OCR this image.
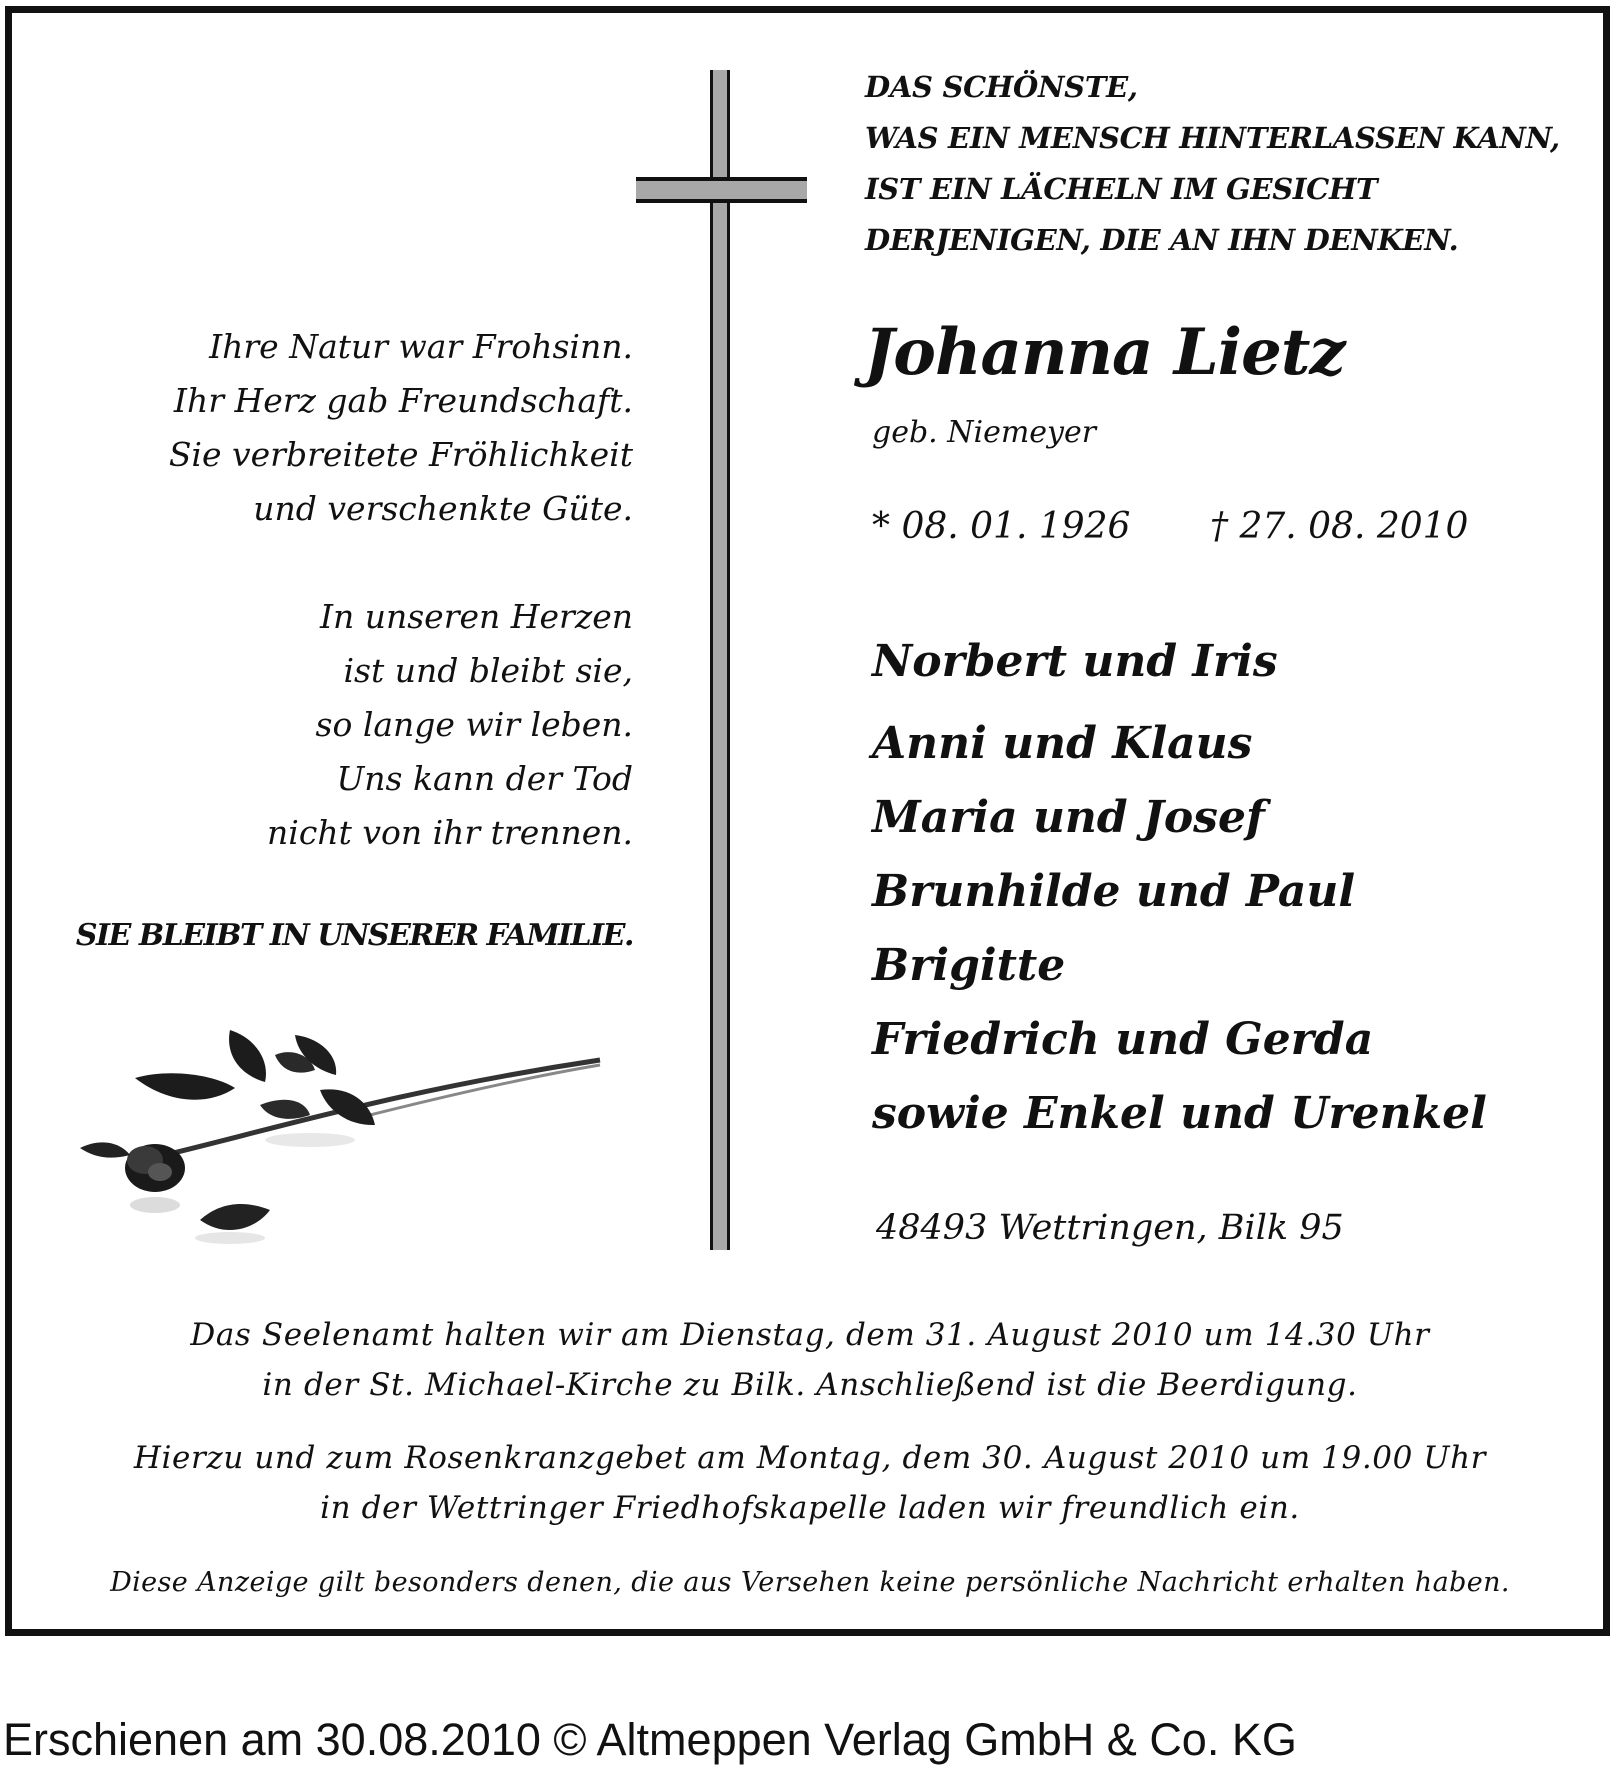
DAS SCHÖNSTE,
WAS EIN MENSCH HINTERLASSEN KANN,
IST EIN LÄCHELN IM GESICHT
DERJENIGEN, DIE AN IHN DENKEN.
Ihre Natur war Frohsinn.
Ihr Herz gab Freundschaft.
Sie verbreitete Fröhlichkeit
und verschenkte Güte.
In unseren Herzen
ist und bleibt sie,
so lange wir leben.
Uns kann der Tod
nicht von ihr trennen.
SIE BLEIBT IN UNSERER FAMILIE.
Johanna Lietz
geb. Niemeyer
* 08. 01. 1926 † 27. 08. 2010
Norbert und Iris
Anni und Klaus
Maria und Josef
Brunhilde und Paul
Brigitte
Friedrich und Gerda
sowie Enkel und Urenkel
48493 Wettringen, Bilk 95
Das Seelenamt halten wir am Dienstag, dem 31. August 2010 um 14.30 Uhr
in der St. Michael-Kirche zu Bilk. Anschließend ist die Beerdigung.
Hierzu und zum Rosenkranzgebet am Montag, dem 30. August 2010 um 19.00 Uhr
in der Wettringer Friedhofskapelle laden wir freundlich ein.
Diese Anzeige gilt besonders denen, die aus Versehen keine persönliche Nachricht erhalten haben.
Erschienen am 30.08.2010 © Altmeppen Verlag GmbH & Co. KG
